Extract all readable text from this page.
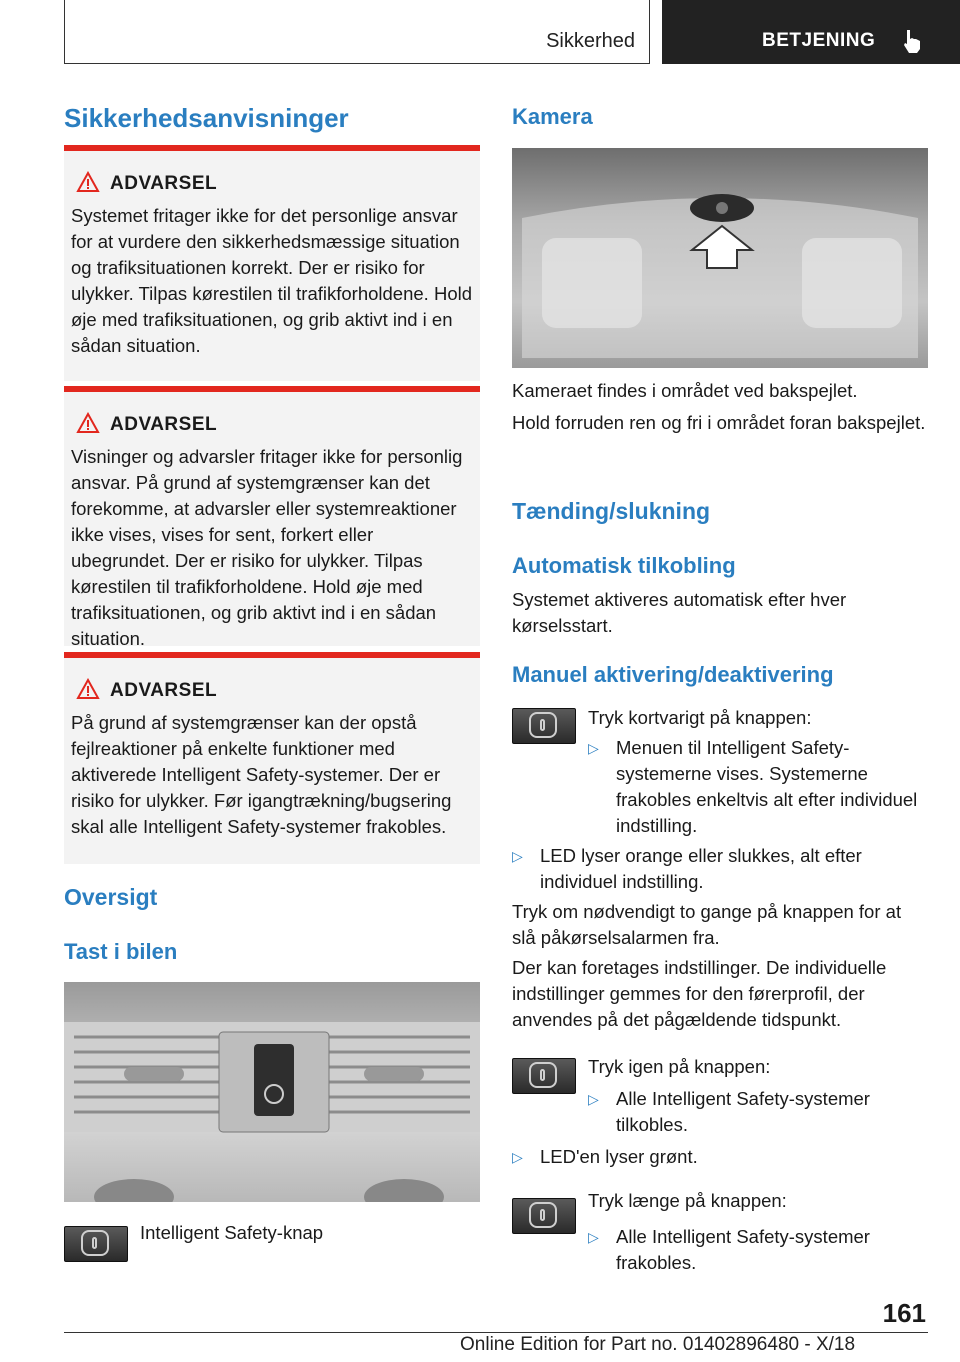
Sikkerhed	BETJENING
Sikkerhedsanvisninger
ADVARSEL
Systemet fritager ikke for det personlige ansvar for at vurdere den sikkerhedsmæssige situation og trafiksituationen korrekt. Der er risiko for ulykker. Tilpas kørestilen til trafikforholdene. Hold øje med trafiksituationen, og grib aktivt ind i en sådan situation.
ADVARSEL
Visninger og advarsler fritager ikke for personlig ansvar. På grund af systemgrænser kan det forekomme, at advarsler eller systemreaktioner ikke vises, vises for sent, forkert eller ubegrundet. Der er risiko for ulykker. Tilpas kørestilen til trafikforholdene. Hold øje med trafiksituationen, og grib aktivt ind i en sådan situation.
ADVARSEL
På grund af systemgrænser kan der opstå fejlreaktioner på enkelte funktioner med aktiverede Intelligent Safety-systemer. Der er risiko for ulykker. Før igangtrækning/bugsering skal alle Intelligent Safety-systemer frakobles.
Oversigt
Tast i bilen
Intelligent Safety-knap
Kamera
Kameraet findes i området ved bakspejlet.
Hold forruden ren og fri i området foran bakspejlet.
Tænding/slukning
Automatisk tilkobling
Systemet aktiveres automatisk efter hver kørselsstart.
Manuel aktivering/deaktivering
Tryk kortvarigt på knappen:
▷ Menuen til Intelligent Safety-systemerne vises. Systemerne frakobles enkeltvis alt efter individuel indstilling.
▷ LED lyser orange eller slukkes, alt efter individuel indstilling.
Tryk om nødvendigt to gange på knappen for at slå påkørselsalarmen fra.
Der kan foretages indstillinger. De individuelle indstillinger gemmes for den førerprofil, der anvendes på det pågældende tidspunkt.
Tryk igen på knappen:
▷ Alle Intelligent Safety-systemer tilkobles.
▷ LED'en lyser grønt.
Tryk længe på knappen:
▷ Alle Intelligent Safety-systemer frakobles.
161
Online Edition for Part no. 01402896480 - X/18
